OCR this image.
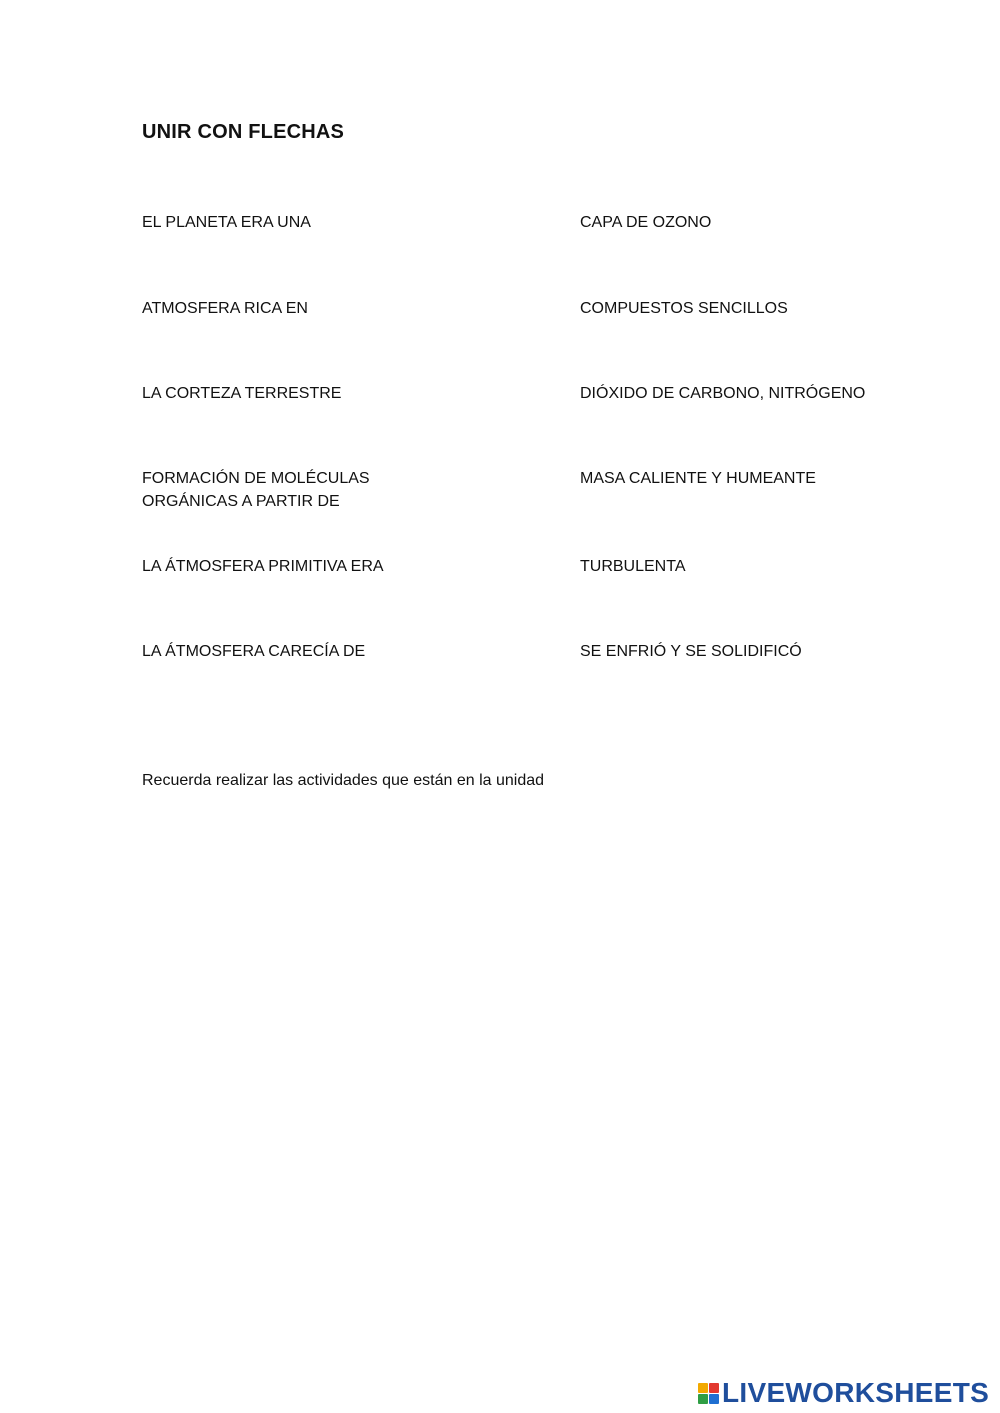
UNIR CON FLECHAS
EL PLANETA ERA UNA
ATMOSFERA RICA EN
LA CORTEZA TERRESTRE
FORMACIÓN DE MOLÉCULAS
ORGÁNICAS A PARTIR DE
LA ÁTMOSFERA PRIMITIVA ERA
LA ÁTMOSFERA CARECÍA DE
CAPA DE OZONO
COMPUESTOS SENCILLOS
DIÓXIDO DE CARBONO, NITRÓGENO
MASA CALIENTE Y HUMEANTE
TURBULENTA
SE ENFRIÓ Y SE SOLIDIFICÓ
Recuerda realizar las actividades que están en la unidad
LIVEWORKSHEETS
